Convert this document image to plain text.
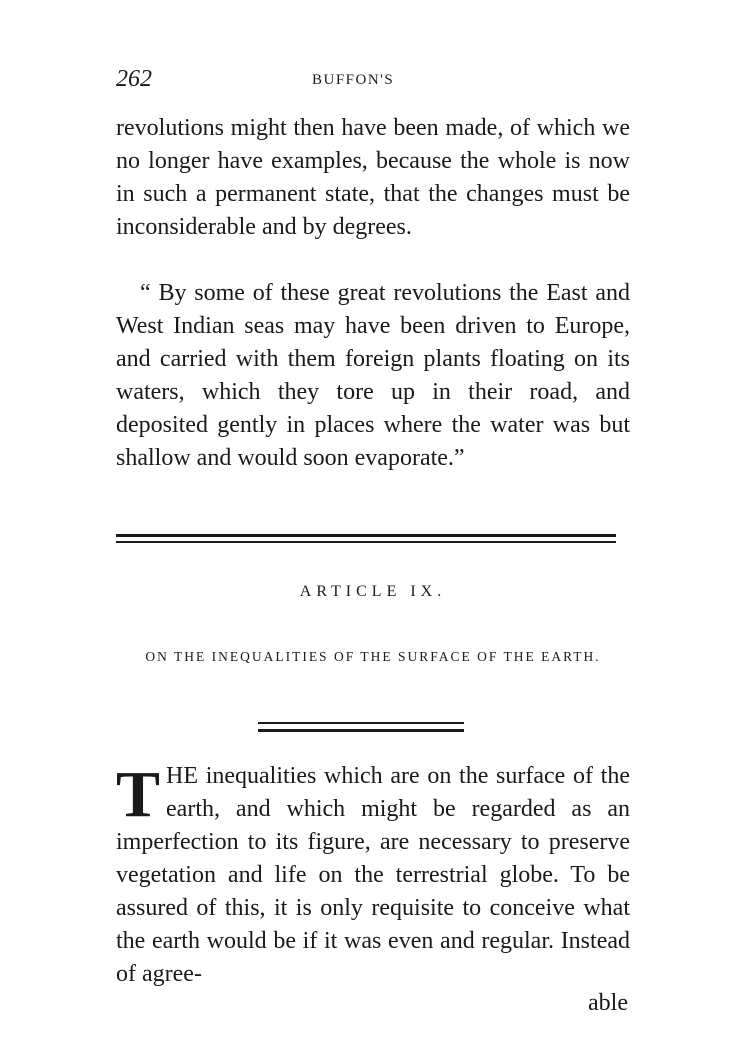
262	BUFFON'S

revolutions might then have been made, of which we no longer have examples, because the whole is now in such a permanent state, that the changes must be inconsiderable and by degrees.

“ By some of these great revolutions the East and West Indian seas may have been driven to Europe, and carried with them foreign plants floating on its waters, which they tore up in their road, and deposited gently in places where the water was but shallow and would soon evaporate.”

ARTICLE IX.
ON THE INEQUALITIES OF THE SURFACE OF THE EARTH.
T HE inequalities which are on the surface of the earth, and which might be regarded as an imperfection to its figure, are necessary to preserve vegetation and life on the terrestrial globe. To be assured of this, it is only requisite to conceive what the earth would be if it was even and regular. Instead of agree-

able
